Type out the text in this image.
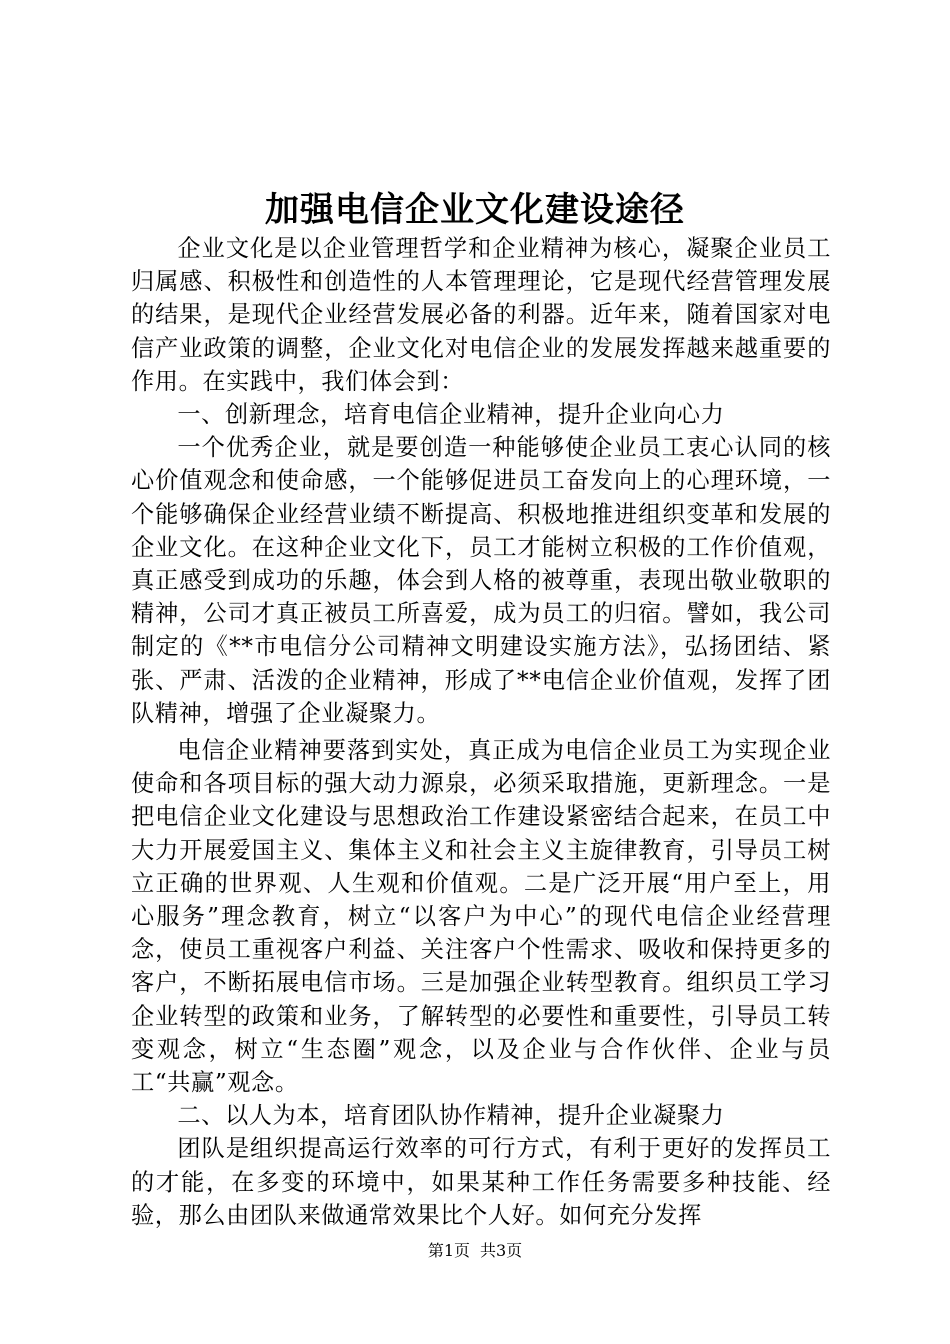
加强电信企业文化建设途径

企业文化是以企业管理哲学和企业精神为核心，凝聚企业员工归属感、积极性和创造性的人本管理理论，它是现代经营管理发展的结果，是现代企业经营发展必备的利器。近年来，随着国家对电信产业政策的调整，企业文化对电信企业的发展发挥越来越重要的作用。在实践中，我们体会到：

一、创新理念，培育电信企业精神，提升企业向心力

一个优秀企业，就是要创造一种能够使企业员工衷心认同的核心价值观念和使命感，一个能够促进员工奋发向上的心理环境，一个能够确保企业经营业绩不断提高、积极地推进组织变革和发展的企业文化。在这种企业文化下，员工才能树立积极的工作价值观，真正感受到成功的乐趣，体会到人格的被尊重，表现出敬业敬职的精神，公司才真正被员工所喜爱，成为员工的归宿。譬如，我公司制定的《**市电信分公司精神文明建设实施方法》，弘扬团结、紧张、严肃、活泼的企业精神，形成了**电信企业价值观，发挥了团队精神，增强了企业凝聚力。

电信企业精神要落到实处，真正成为电信企业员工为实现企业使命和各项目标的强大动力源泉，必须采取措施，更新理念。一是把电信企业文化建设与思想政治工作建设紧密结合起来，在员工中大力开展爱国主义、集体主义和社会主义主旋律教育，引导员工树立正确的世界观、人生观和价值观。二是广泛开展“用户至上，用心服务”理念教育，树立“以客户为中心”的现代电信企业经营理念，使员工重视客户利益、关注客户个性需求、吸收和保持更多的客户，不断拓展电信市场。三是加强企业转型教育。组织员工学习企业转型的政策和业务，了解转型的必要性和重要性，引导员工转变观念，树立“生态圈”观念，以及企业与合作伙伴、企业与员工“共赢”观念。

二、以人为本，培育团队协作精神，提升企业凝聚力

团队是组织提高运行效率的可行方式，有利于更好的发挥员工的才能，在多变的环境中，如果某种工作任务需要多种技能、经验，那么由团队来做通常效果比个人好。如何充分发挥

第1页 共3页
